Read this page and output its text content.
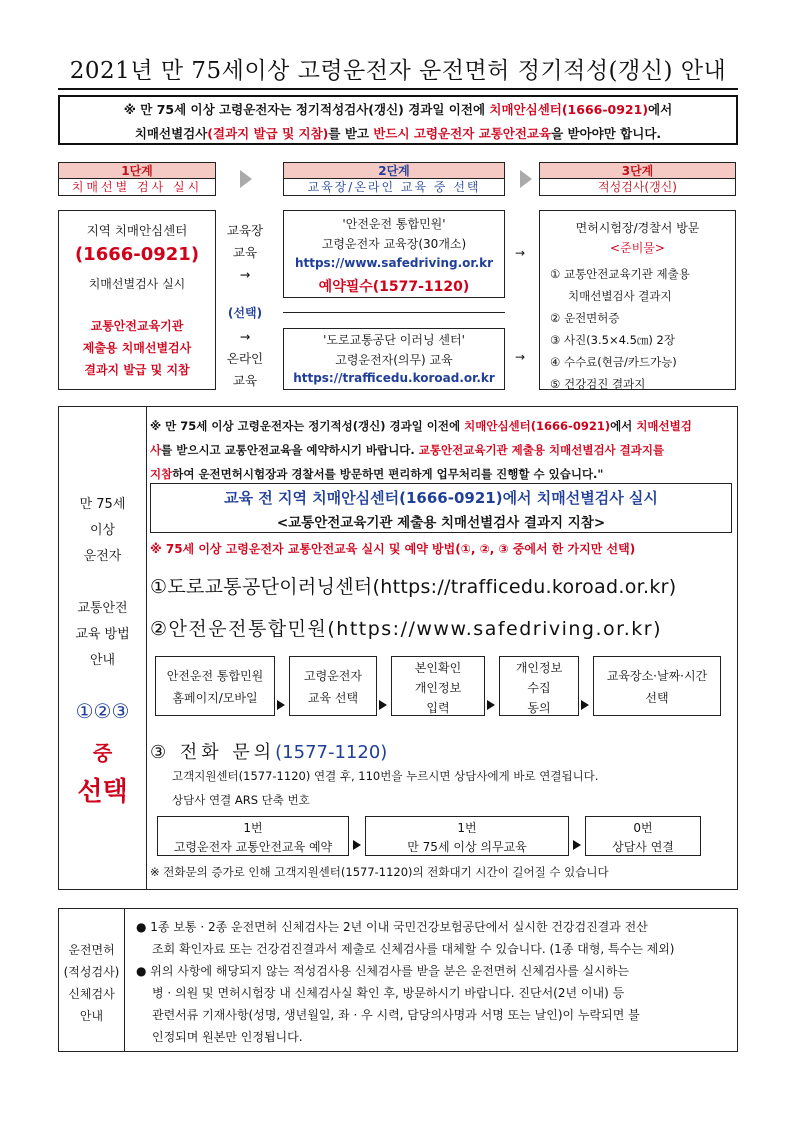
2021년 만 75세이상 고령운전자 운전면허 정기적성(갱신) 안내
※ 만 75세 이상 고령운전자는 정기적성검사(갱신) 경과일 이전에 치매안심센터(1666-0921)에서
치매선별검사(결과지 발급 및 지참)를 받고 반드시 고령운전자 교통안전교육을 받아야만 합니다.
1단계
치매선별 검사 실시
2단계
교육장/온라인 교육 중 선택
3단계
적성검사(갱신)
지역 치매안심센터
(1666-0921)
치매선별검사 실시
교통안전교육기관
제출용 치매선별검사
결과지 발급 및 지참
교육장
교육
→
(선택)
→
온라인
교육
'안전운전 통합민원'
고령운전자 교육장(30개소)
https://www.safedriving.or.kr
예약필수(1577-1120)
→
'도로교통공단 이러닝 센터'
고령운전자(의무) 교육
https://trafficedu.koroad.or.kr
→
면허시험장/경찰서 방문
<준비물>
① 교통안전교육기관 제출용
치매선별검사 결과지
② 운전면허증
③ 사진(3.5×4.5㎝) 2장
④ 수수료(현금/카드가능)
⑤ 건강검진 결과지
만 75세
이상
운전자
교통안전
교육 방법
안내
①②③
중
선택
※ 만 75세 이상 고령운전자는 정기적성(갱신) 경과일 이전에 치매안심센터(1666-0921)에서 치매선별검
사를 받으시고 교통안전교육을 예약하시기 바랍니다. 교통안전교육기관 제출용 치매선별검사 결과지를
지참하여 운전면허시험장과 경찰서를 방문하면 편리하게 업무처리를 진행할 수 있습니다."
교육 전 지역 치매안심센터(1666-0921)에서 치매선별검사 실시
<교통안전교육기관 제출용 치매선별검사 결과지 지참>
※ 75세 이상 고령운전자 교통안전교육 실시 및 예약 방법(①, ②, ③ 중에서 한 가지만 선택)
①도로교통공단이러닝센터(https://trafficedu.koroad.or.kr)
②안전운전통합민원(https://www.safedriving.or.kr)
안전운전 통합민원
홈페이지/모바일
고령운전자
교육 선택
본인확인
개인정보
입력
개인정보
수집
동의
교육장소·날짜·시간
선택
③ 전화 문의(1577-1120)
고객지원센터(1577-1120) 연결 후, 110번을 누르시면 상담사에게 바로 연결됩니다.
상담사 연결 ARS 단축 번호
1번
고령운전자 교통안전교육 예약
1번
만 75세 이상 의무교육
0번
상담사 연결
※ 전화문의 증가로 인해 고객지원센터(1577-1120)의 전화대기 시간이 길어질 수 있습니다
운전면허
(적성검사)
신체검사
안내
● 1종 보통 · 2종 운전면허 신체검사는 2년 이내 국민건강보험공단에서 실시한 건강검진결과 전산
조회 확인자료 또는 건강검진결과서 제출로 신체검사를 대체할 수 있습니다. (1종 대형, 특수는 제외)
● 위의 사항에 해당되지 않는 적성검사용 신체검사를 받을 분은 운전면허 신체검사를 실시하는
병 · 의원 및 면허시험장 내 신체검사실 확인 후, 방문하시기 바랍니다. 진단서(2년 이내) 등
관련서류 기재사항(성명, 생년월일, 좌 · 우 시력, 담당의사명과 서명 또는 날인)이 누락되면 불
인정되며 원본만 인정됩니다.
